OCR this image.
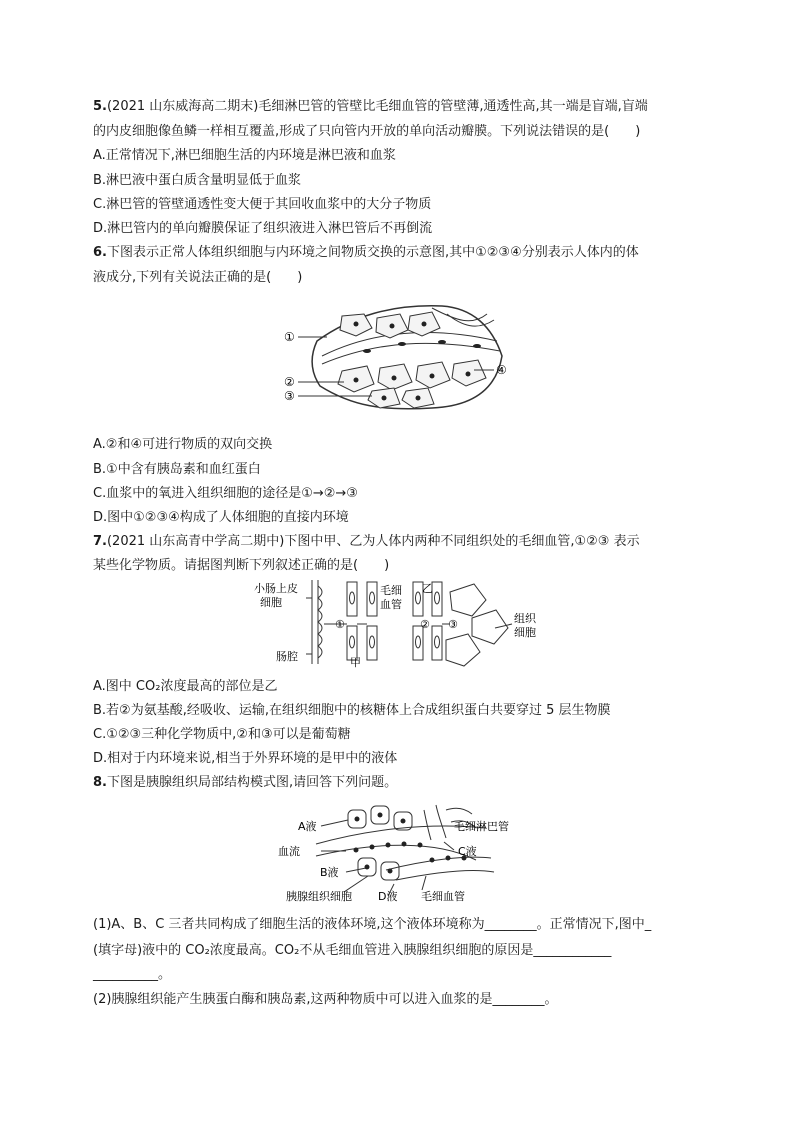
5.(2021 山东威海高二期末)毛细淋巴管的管壁比毛细血管的管壁薄,通透性高,其一端是盲端,盲端
的内皮细胞像鱼鳞一样相互覆盖,形成了只向管内开放的单向活动瓣膜。下列说法错误的是(　　)
A.正常情况下,淋巴细胞生活的内环境是淋巴液和血浆
B.淋巴液中蛋白质含量明显低于血浆
C.淋巴管的管壁通透性变大便于其回收血浆中的大分子物质
D.淋巴管内的单向瓣膜保证了组织液进入淋巴管后不再倒流
6.下图表示正常人体组织细胞与内环境之间物质交换的示意图,其中①②③④分别表示人体内的体
液成分,下列有关说法正确的是(　　)
①
②
③
④
A.②和④可进行物质的双向交换
B.①中含有胰岛素和血红蛋白
C.血浆中的氧进入组织细胞的途径是①→②→③
D.图中①②③④构成了人体细胞的直接内环境
7.(2021 山东高青中学高二期中)下图中甲、乙为人体内两种不同组织处的毛细血管,①②③ 表示
某些化学物质。请据图判断下列叙述正确的是(　　)
小肠上皮
细胞
肠腔
毛细
血管
乙
甲
①	② ③	组织
细胞
A.图中 CO₂浓度最高的部位是乙
B.若②为氨基酸,经吸收、运输,在组织细胞中的核糖体上合成组织蛋白共要穿过 5 层生物膜
C.①②③三种化学物质中,②和③可以是葡萄糖
D.相对于内环境来说,相当于外界环境的是甲中的液体
8.下图是胰腺组织局部结构模式图,请回答下列问题。
A液
血流
B液
胰腺组织细胞 D液 毛细血管
C液
毛细淋巴管
(1)A、B、C 三者共同构成了细胞生活的液体环境,这个液体环境称为________。正常情况下,图中_
(填字母)液中的 CO₂浓度最高。CO₂不从毛细血管进入胰腺组织细胞的原因是____________
__________。
(2)胰腺组织能产生胰蛋白酶和胰岛素,这两种物质中可以进入血浆的是________。
